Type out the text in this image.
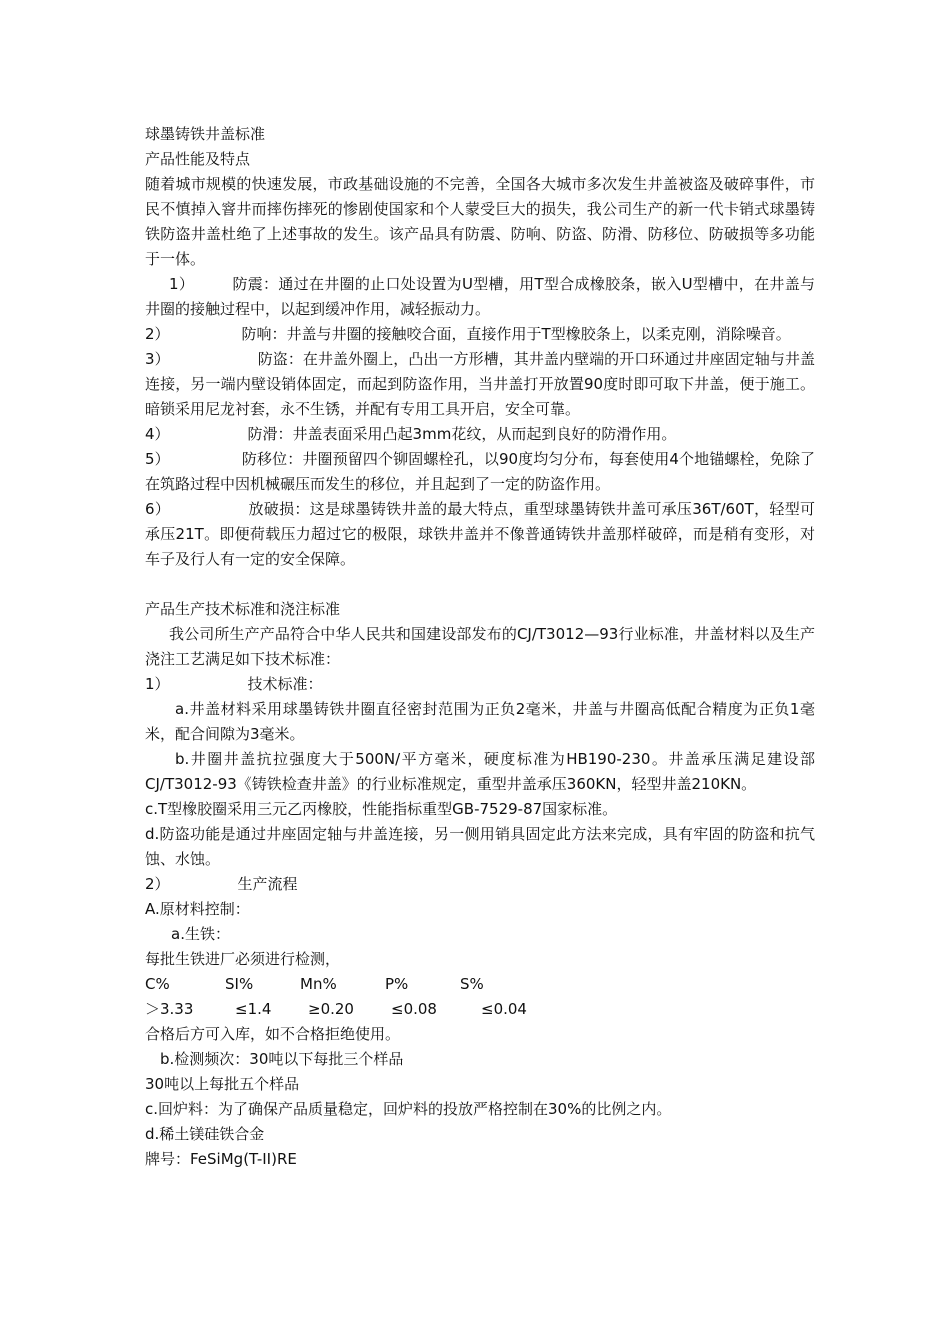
球墨铸铁井盖标准

产品性能及特点

随着城市规模的快速发展，市政基础设施的不完善，全国各大城市多次发生井盖被盗及破碎事件，市民不慎掉入窨井而摔伤摔死的惨剧使国家和个人蒙受巨大的损失，我公司生产的新一代卡销式球墨铸铁防盗井盖杜绝了上述事故的发生。该产品具有防震、防响、防盗、防滑、防移位、防破损等多功能于一体。

1）	防震：通过在井圈的止口处设置为U型槽，用T型合成橡胶条，嵌入U型槽中，在井盖与井圈的接触过程中，以起到缓冲作用，减轻振动力。

2）	防响：井盖与井圈的接触咬合面，直接作用于T型橡胶条上，以柔克刚，消除噪音。

3）	防盗：在井盖外圈上，凸出一方形槽，其井盖内壁端的开口环通过井座固定轴与井盖连接，另一端内壁设销体固定，而起到防盗作用，当井盖打开放置90度时即可取下井盖，便于施工。暗锁采用尼龙衬套，永不生锈，并配有专用工具开启，安全可靠。

4）	防滑：井盖表面采用凸起3mm花纹，从而起到良好的防滑作用。

5）	防移位：井圈预留四个铆固螺栓孔，以90度均匀分布，每套使用4个地锚螺栓，免除了在筑路过程中因机械碾压而发生的移位，并且起到了一定的防盗作用。

6）	放破损：这是球墨铸铁井盖的最大特点，重型球墨铸铁井盖可承压36T/60T，轻型可承压21T。即便荷载压力超过它的极限，球铁井盖并不像普通铸铁井盖那样破碎，而是稍有变形，对车子及行人有一定的安全保障。

产品生产技术标准和浇注标准

我公司所生产产品符合中华人民共和国建设部发布的CJ/T3012—93行业标准，井盖材料以及生产浇注工艺满足如下技术标准：

1）	技术标准：

a.井盖材料采用球墨铸铁井圈直径密封范围为正负2毫米，井盖与井圈高低配合精度为正负1毫米，配合间隙为3毫米。

b.井圈井盖抗拉强度大于500N/平方毫米，硬度标准为HB190-230。井盖承压满足建设部CJ/T3012-93《铸铁检查井盖》的行业标准规定，重型井盖承压360KN，轻型井盖210KN。

c.T型橡胶圈采用三元乙丙橡胶，性能指标重型GB-7529-87国家标准。

d.防盗功能是通过井座固定轴与井盖连接，另一侧用销具固定此方法来完成，具有牢固的防盗和抗气蚀、水蚀。

2）	生产流程

A.原材料控制：

a.生铁：

每批生铁进厂必须进行检测，

C%	SI%	Mn%	P%	S%
＞3.33	≤1.4	≥0.20	≤0.08	≤0.04

合格后方可入库，如不合格拒绝使用。

b.检测频次：30吨以下每批三个样品

30吨以上每批五个样品

c.回炉料：为了确保产品质量稳定，回炉料的投放严格控制在30%的比例之内。

d.稀土镁硅铁合金

牌号：FeSiMg(T-II)RE
